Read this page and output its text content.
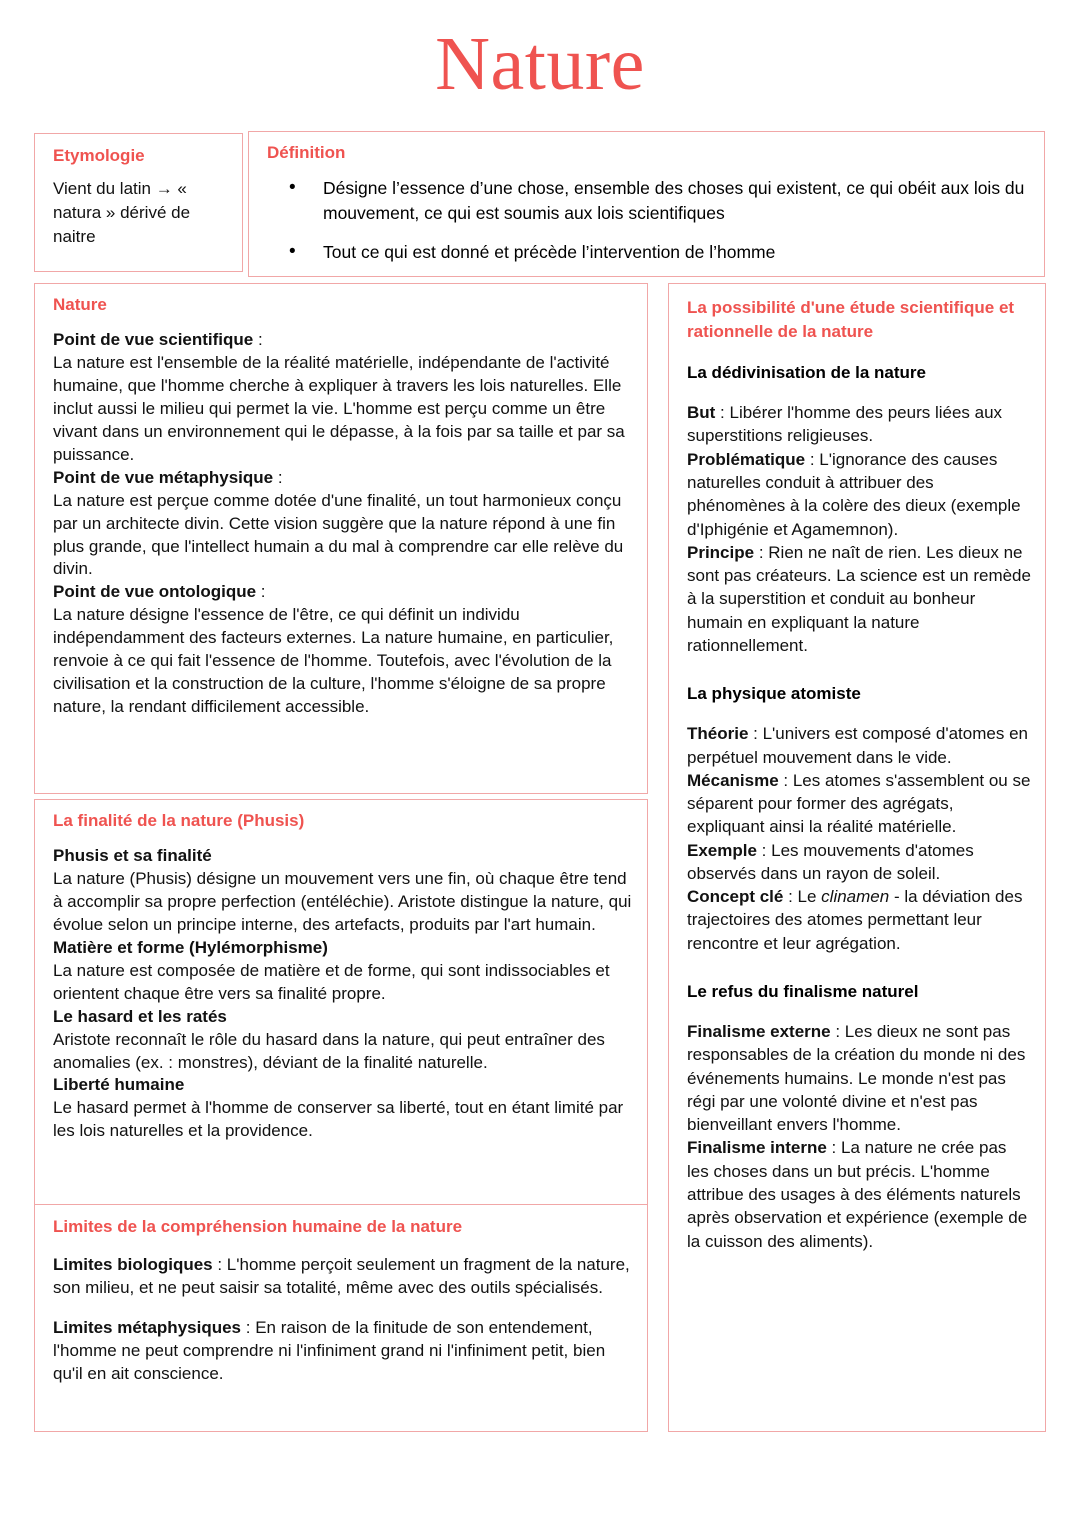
Nature
Etymologie
Vient du latin → « natura » dérivé de naitre
Définition
• Désigne l’essence d’une chose, ensemble des choses qui existent, ce qui obéit aux lois du mouvement, ce qui est soumis aux lois scientifiques
• Tout ce qui est donné et précède l’intervention de l’homme
Nature

Point de vue scientifique :
La nature est l'ensemble de la réalité matérielle, indépendante de l'activité humaine, que l'homme cherche à expliquer à travers les lois naturelles. Elle inclut aussi le milieu qui permet la vie. L'homme est perçu comme un être vivant dans un environnement qui le dépasse, à la fois par sa taille et par sa puissance.

Point de vue métaphysique :
La nature est perçue comme dotée d'une finalité, un tout harmonieux conçu par un architecte divin. Cette vision suggère que la nature répond à une fin plus grande, que l'intellect humain a du mal à comprendre car elle relève du divin.

Point de vue ontologique :
La nature désigne l'essence de l'être, ce qui définit un individu indépendamment des facteurs externes. La nature humaine, en particulier, renvoie à ce qui fait l'essence de l'homme. Toutefois, avec l'évolution de la civilisation et la construction de la culture, l'homme s'éloigne de sa propre nature, la rendant difficilement accessible.

La finalité de la nature (Phusis)

Phusis et sa finalité
La nature (Phusis) désigne un mouvement vers une fin, où chaque être tend à accomplir sa propre perfection (entéléchie). Aristote distingue la nature, qui évolue selon un principe interne, des artefacts, produits par l'art humain.

Matière et forme (Hylémorphisme)
La nature est composée de matière et de forme, qui sont indissociables et orientent chaque être vers sa finalité propre.

Le hasard et les ratés
Aristote reconnaît le rôle du hasard dans la nature, qui peut entraîner des anomalies (ex. : monstres), déviant de la finalité naturelle.

Liberté humaine
Le hasard permet à l'homme de conserver sa liberté, tout en étant limité par les lois naturelles et la providence.

Limites de la compréhension humaine de la nature

Limites biologiques : L'homme perçoit seulement un fragment de la nature, son milieu, et ne peut saisir sa totalité, même avec des outils spécialisés.

Limites métaphysiques : En raison de la finitude de son entendement, l'homme ne peut comprendre ni l'infiniment grand ni l'infiniment petit, bien qu'il en ait conscience.

La possibilité d'une étude scientifique et rationnelle de la nature
La dédivinisation de la nature

But : Libérer l'homme des peurs liées aux superstitions religieuses.

Problématique : L'ignorance des causes naturelles conduit à attribuer des phénomènes à la colère des dieux (exemple d'Iphigénie et Agamemnon).

Principe : Rien ne naît de rien. Les dieux ne sont pas créateurs. La science est un remède à la superstition et conduit au bonheur humain en expliquant la nature rationnellement.

La physique atomiste

Théorie : L'univers est composé d'atomes en perpétuel mouvement dans le vide.

Mécanisme : Les atomes s'assemblent ou se séparent pour former des agrégats, expliquant ainsi la réalité matérielle.

Exemple : Les mouvements d'atomes observés dans un rayon de soleil.

Concept clé : Le clinamen - la déviation des trajectoires des atomes permettant leur rencontre et leur agrégation.

Le refus du finalisme naturel

Finalisme externe : Les dieux ne sont pas responsables de la création du monde ni des événements humains. Le monde n'est pas régi par une volonté divine et n'est pas bienveillant envers l'homme.

Finalisme interne : La nature ne crée pas les choses dans un but précis. L'homme attribue des usages à des éléments naturels après observation et expérience (exemple de la cuisson des aliments).
